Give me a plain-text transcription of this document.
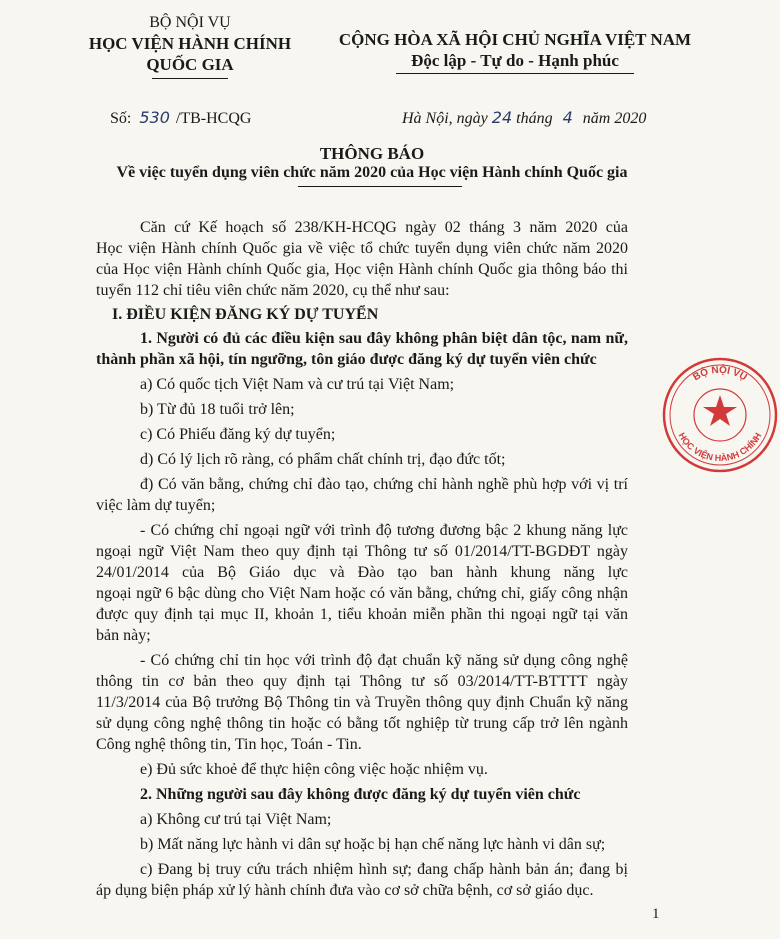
BỘ NỘI VỤ
HỌC VIỆN HÀNH CHÍNH
QUỐC GIA
Số: 530 /TB-HCQG
CỘNG HÒA XÃ HỘI CHỦ NGHĨA VIỆT NAM
Độc lập - Tự do - Hạnh phúc
Hà Nội, ngày 24 tháng 4 năm 2020
THÔNG BÁO
Về việc tuyển dụng viên chức năm 2020 của Học viện Hành chính Quốc gia
Căn cứ Kế hoạch số 238/KH-HCQG ngày 02 tháng 3 năm 2020 của
Học viện Hành chính Quốc gia về việc tổ chức tuyển dụng viên chức năm 2020
của Học viện Hành chính Quốc gia, Học viện Hành chính Quốc gia thông báo thi
tuyển 112 chỉ tiêu viên chức năm 2020, cụ thể như sau:
I. ĐIỀU KIỆN ĐĂNG KÝ DỰ TUYỂN
1. Người có đủ các điều kiện sau đây không phân biệt dân tộc, nam nữ,
thành phần xã hội, tín ngưỡng, tôn giáo được đăng ký dự tuyển viên chức
a) Có quốc tịch Việt Nam và cư trú tại Việt Nam;
b) Từ đủ 18 tuổi trở lên;
c) Có Phiếu đăng ký dự tuyển;
d) Có lý lịch rõ ràng, có phẩm chất chính trị, đạo đức tốt;
đ) Có văn bằng, chứng chỉ đào tạo, chứng chỉ hành nghề phù hợp với vị trí
việc làm dự tuyển;
- Có chứng chỉ ngoại ngữ với trình độ tương đương bậc 2 khung năng lực
ngoại ngữ Việt Nam theo quy định tại Thông tư số 01/2014/TT-BGDĐT ngày
24/01/2014 của Bộ Giáo dục và Đào tạo ban hành khung năng lực
ngoại ngữ 6 bậc dùng cho Việt Nam hoặc có văn bằng, chứng chỉ, giấy công nhận
được quy định tại mục II, khoản 1, tiểu khoản miễn phần thi ngoại ngữ tại văn
bản này;
- Có chứng chỉ tin học với trình độ đạt chuẩn kỹ năng sử dụng công nghệ
thông tin cơ bản theo quy định tại Thông tư số 03/2014/TT-BTTTT ngày
11/3/2014 của Bộ trưởng Bộ Thông tin và Truyền thông quy định Chuẩn kỹ năng
sử dụng công nghệ thông tin hoặc có bằng tốt nghiệp từ trung cấp trở lên ngành
Công nghệ thông tin, Tin học, Toán - Tin.
e) Đủ sức khoẻ để thực hiện công việc hoặc nhiệm vụ.
2. Những người sau đây không được đăng ký dự tuyển viên chức
a) Không cư trú tại Việt Nam;
b) Mất năng lực hành vi dân sự hoặc bị hạn chế năng lực hành vi dân sự;
c) Đang bị truy cứu trách nhiệm hình sự; đang chấp hành bản án; đang bị
áp dụng biện pháp xử lý hành chính đưa vào cơ sở chữa bệnh, cơ sở giáo dục.
1
BỘ NỘI VỤ
HỌC VIỆN HÀNH CHÍNH
